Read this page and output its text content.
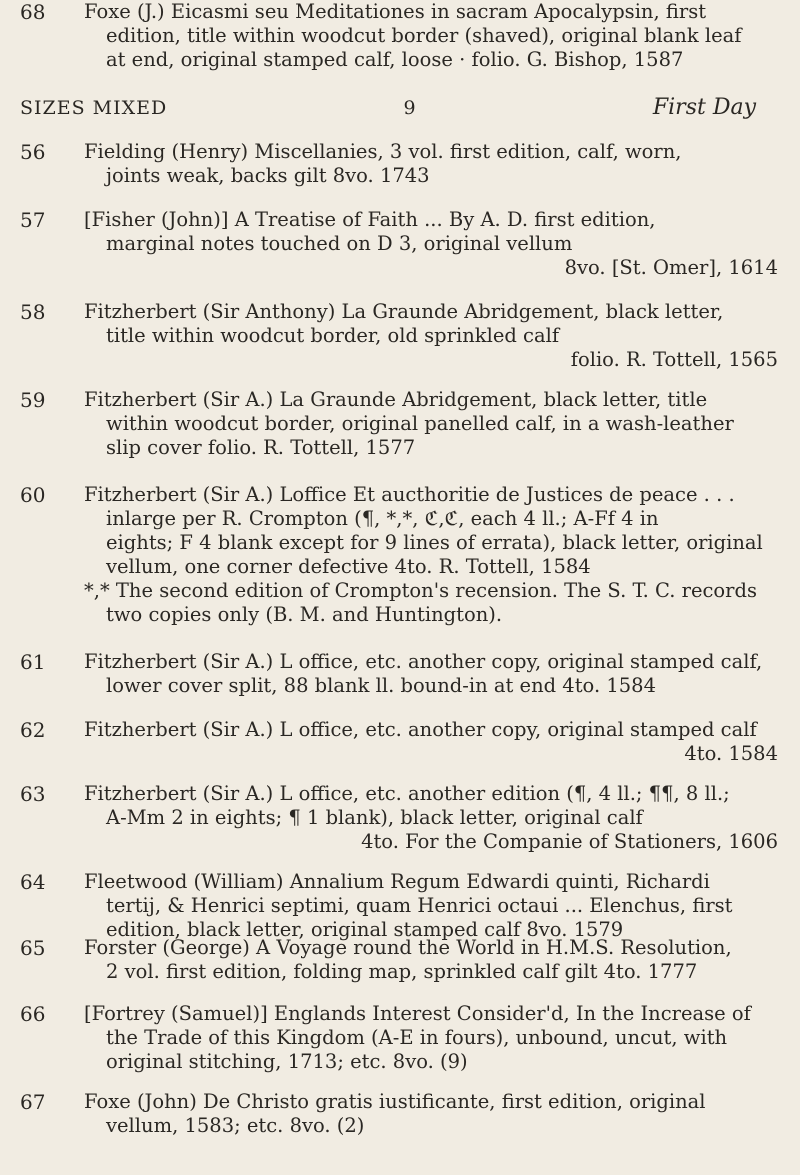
SIZES MIXED	9	First Day
56 Fielding (Henry) Miscellanies, 3 vol. first edition, calf, worn,
joints weak, backs gilt 8vo. 1743
57 [Fisher (John)] A Treatise of Faith ... By A. D. first edition,
marginal notes touched on D 3, original vellum
8vo. [St. Omer], 1614
58 Fitzherbert (Sir Anthony) La Graunde Abridgement, black letter,
title within woodcut border, old sprinkled calf
folio. R. Tottell, 1565
59 Fitzherbert (Sir A.) La Graunde Abridgement, black letter, title
within woodcut border, original panelled calf, in a wash-leather
slip cover folio. R. Tottell, 1577
60 Fitzherbert (Sir A.) Loffice Et aucthoritie de Justices de peace . . .
inlarge per R. Crompton (¶, *,*, ℭ,ℭ, each 4 ll.; A-Ff 4 in
eights; F 4 blank except for 9 lines of errata), black letter, original
vellum, one corner defective 4to. R. Tottell, 1584
*,* The second edition of Crompton's recension. The S. T. C. records
two copies only (B. M. and Huntington).
61 Fitzherbert (Sir A.) L office, etc. another copy, original stamped calf,
lower cover split, 88 blank ll. bound-in at end 4to. 1584
62 Fitzherbert (Sir A.) L office, etc. another copy, original stamped calf
4to. 1584
63 Fitzherbert (Sir A.) L office, etc. another edition (¶, 4 ll.; ¶¶, 8 ll.;
A-Mm 2 in eights; ¶ 1 blank), black letter, original calf
4to. For the Companie of Stationers, 1606
64 Fleetwood (William) Annalium Regum Edwardi quinti, Richardi
tertij, & Henrici septimi, quam Henrici octaui ... Elenchus, first
edition, black letter, original stamped calf 8vo. 1579
65 Forster (George) A Voyage round the World in H.M.S. Resolution,
2 vol. first edition, folding map, sprinkled calf gilt 4to. 1777
66 [Fortrey (Samuel)] Englands Interest Consider'd, In the Increase of
the Trade of this Kingdom (A-E in fours), unbound, uncut, with
original stitching, 1713; etc. 8vo. (9)
67 Foxe (John) De Christo gratis iustificante, first edition, original
vellum, 1583; etc. 8vo. (2)
68 Foxe (J.) Eicasmi seu Meditationes in sacram Apocalypsin, first
edition, title within woodcut border (shaved), original blank leaf
at end, original stamped calf, loose · folio. G. Bishop, 1587
